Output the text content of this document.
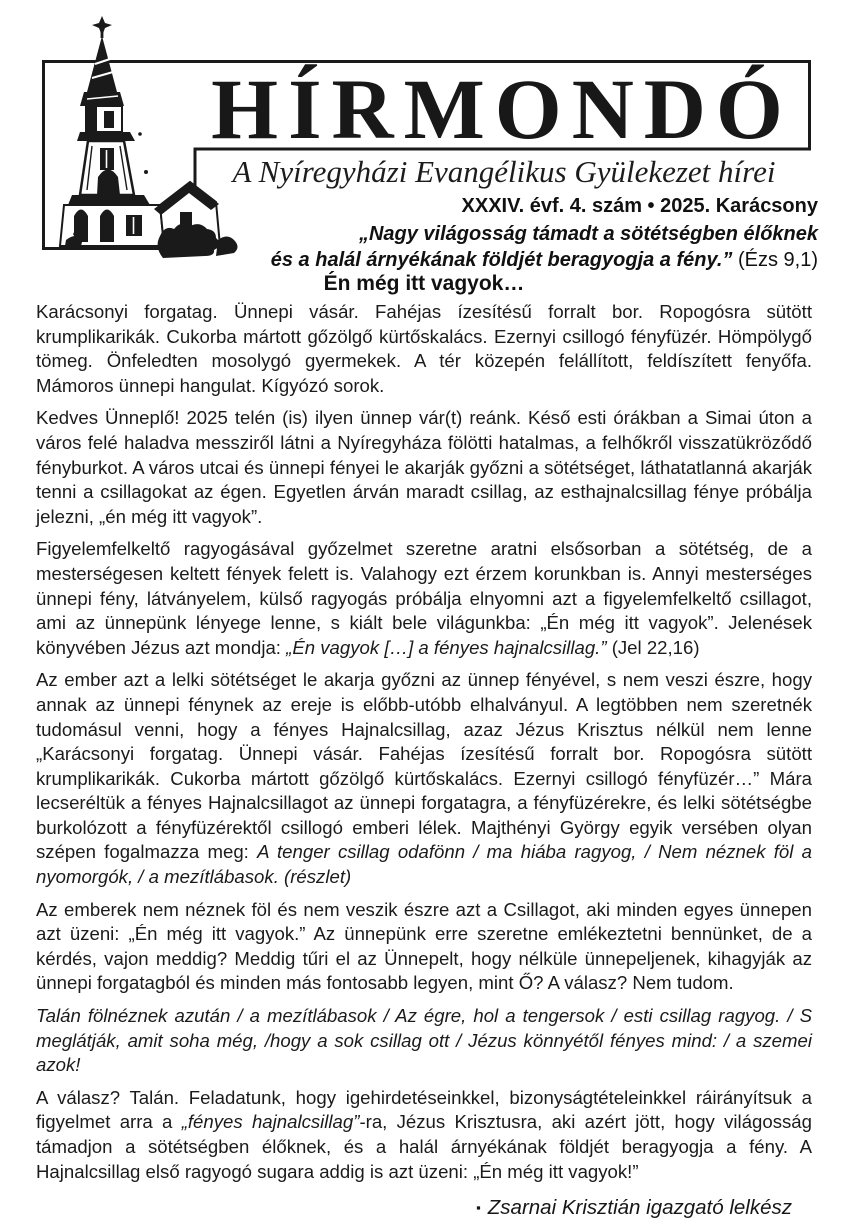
HÍRMONDÓ
A Nyíregyházi Evangélikus Gyülekezet hírei
XXXIV. évf. 4. szám • 2025. Karácsony
„Nagy világosság támadt a sötétségben élőknek
és a halál árnyékának földjét beragyogja a fény.” (Ézs 9,1)
Én még itt vagyok…

Karácsonyi forgatag. Ünnepi vásár. Fahéjas ízesítésű forralt bor. Ropogósra sütött krumplikarikák. Cukorba mártott gőzölgő kürtőskalács. Ezernyi csillogó fényfüzér. Hömpölygő tömeg. Önfeledten mosolygó gyermekek. A tér közepén felállított, feldíszített fenyőfa. Mámoros ünnepi hangulat. Kígyózó sorok.

Kedves Ünneplő! 2025 telén (is) ilyen ünnep vár(t) reánk. Késő esti órákban a Simai úton a város felé haladva messziről látni a Nyíregyháza fölötti hatalmas, a felhőkről visszatükröződő fényburkot. A város utcai és ünnepi fényei le akarják győzni a sötétséget, láthatatlanná akarják tenni a csillagokat az égen. Egyetlen árván maradt csillag, az esthajnalcsillag fénye próbálja jelezni, „én még itt vagyok”.

Figyelemfelkeltő ragyogásával győzelmet szeretne aratni elsősorban a sötétség, de a mesterségesen keltett fények felett is. Valahogy ezt érzem korunkban is. Annyi mesterséges ünnepi fény, látványelem, külső ragyogás próbálja elnyomni azt a figyelemfelkeltő csillagot, ami az ünnepünk lényege lenne, s kiált bele világunkba: „Én még itt vagyok”. Jelenések könyvében Jézus azt mondja: „Én vagyok […] a fényes hajnalcsillag.” (Jel 22,16)

Az ember azt a lelki sötétséget le akarja győzni az ünnep fényével, s nem veszi észre, hogy annak az ünnepi fénynek az ereje is előbb-utóbb elhalványul. A legtöbben nem szeretnék tudomásul venni, hogy a fényes Hajnalcsillag, azaz Jézus Krisztus nélkül nem lenne „Karácsonyi forgatag. Ünnepi vásár. Fahéjas ízesítésű forralt bor. Ropogósra sütött krumplikarikák. Cukorba mártott gőzölgő kürtőskalács. Ezernyi csillogó fényfüzér…” Mára lecseréltük a fényes Hajnalcsillagot az ünnepi forgatagra, a fényfüzérekre, és lelki sötétségbe burkolózott a fényfüzérektől csillogó emberi lélek. Majthényi György egyik versében olyan szépen fogalmazza meg: A tenger csillag odafönn / ma hiába ragyog, / Nem néznek föl a nyomorgók, / a mezítlábasok. (részlet)

Az emberek nem néznek föl és nem veszik észre azt a Csillagot, aki minden egyes ünnepen azt üzeni: „Én még itt vagyok.” Az ünnepünk erre szeretne emlékeztetni bennünket, de a kérdés, vajon meddig? Meddig tűri el az Ünnepelt, hogy nélküle ünnepeljenek, kihagyják az ünnepi forgatagból és minden más fontosabb legyen, mint Ő? A válasz? Nem tudom.

Talán fölnéznek azután / a mezítlábasok / Az égre, hol a tengersok / esti csillag ragyog. / S meglátják, amit soha még, /hogy a sok csillag ott / Jézus könnyétől fényes mind: / a szemei azok!

A válasz? Talán. Feladatunk, hogy igehirdetéseinkkel, bizonyságtételeinkkel ráirányítsuk a figyelmet arra a „fényes hajnalcsillag”-ra, Jézus Krisztusra, aki azért jött, hogy világosság támadjon a sötétségben élőknek, és a halál árnyékának földjét beragyogja a fény. A Hajnalcsillag első ragyogó sugara addig is azt üzeni: „Én még itt vagyok!”

▪ Zsarnai Krisztián igazgató lelkész
